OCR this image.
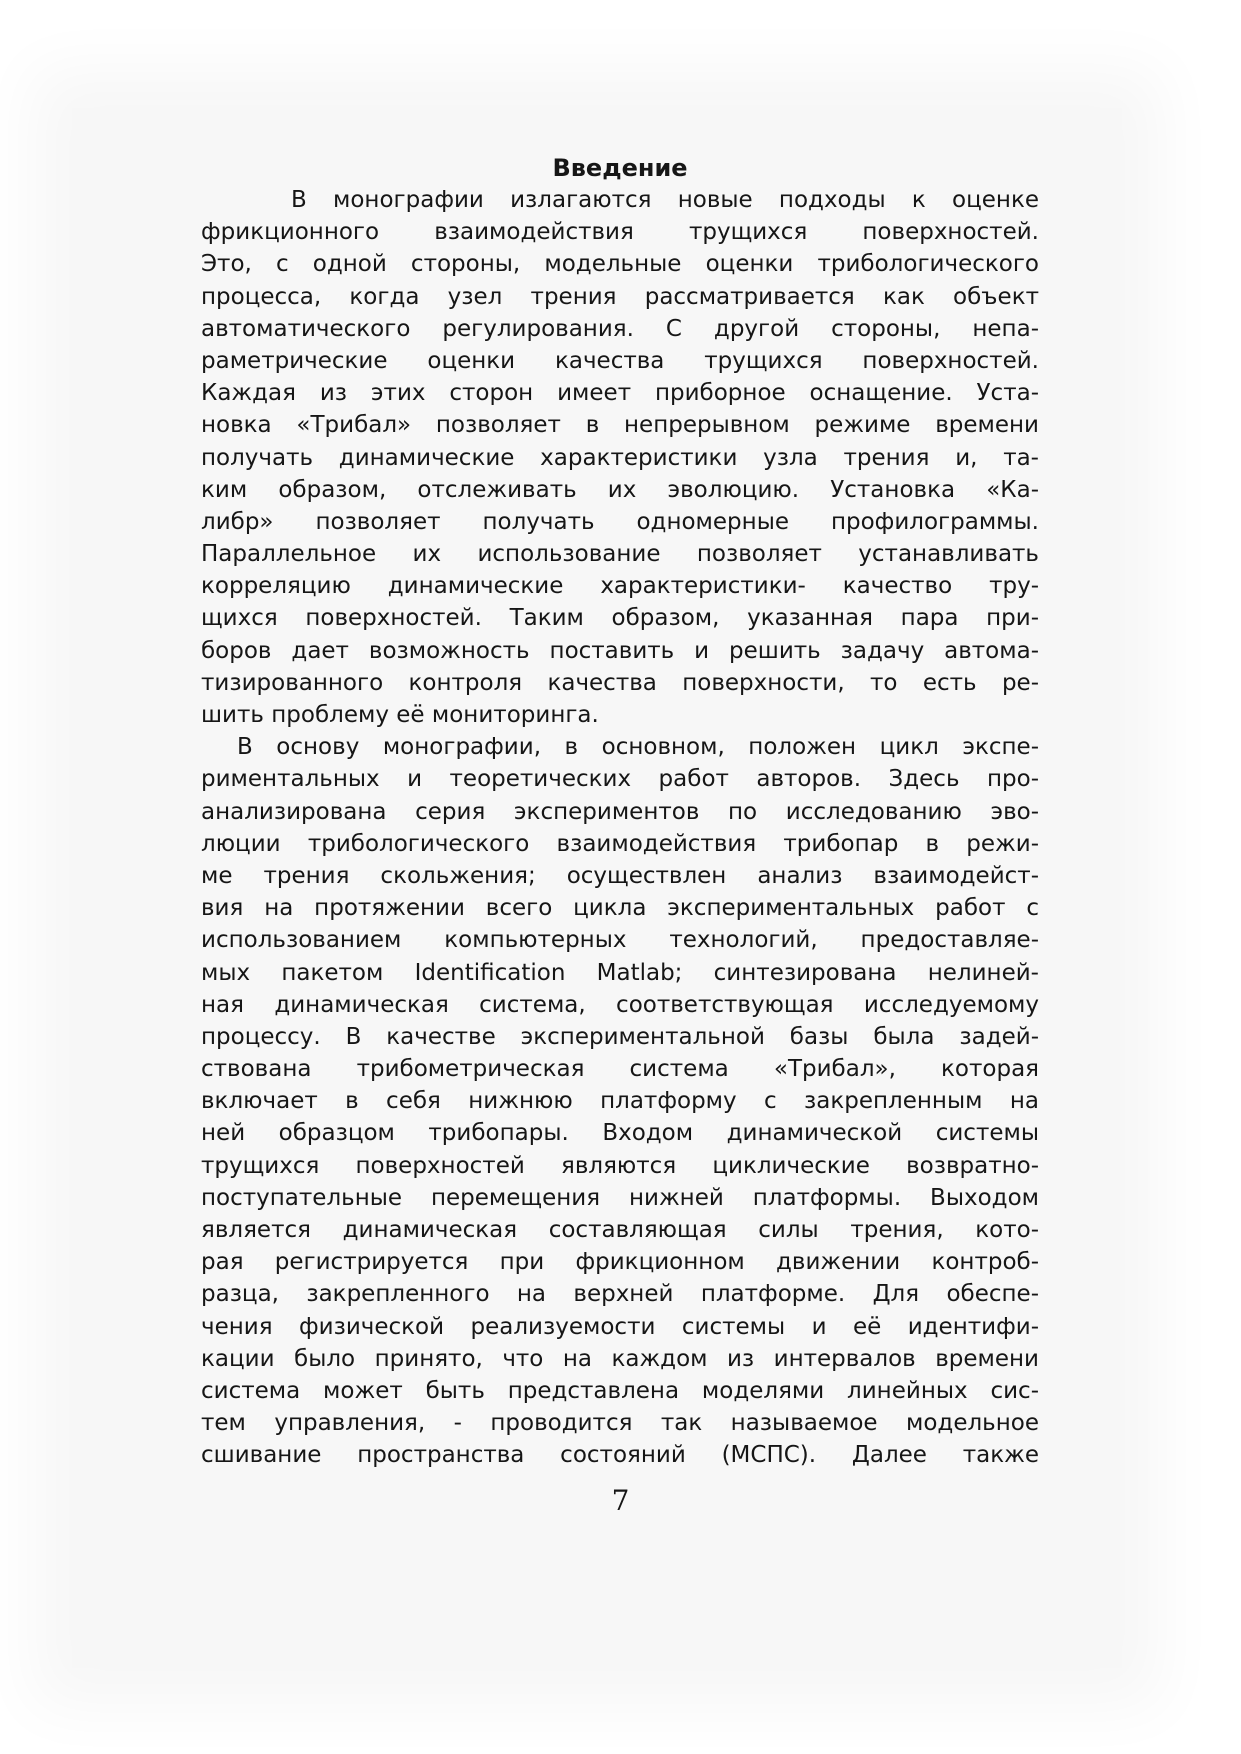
Введение
В монографии излагаются новые подходы к оценке
фрикционного взаимодействия трущихся поверхностей.
Это, с одной стороны, модельные оценки трибологического
процесса, когда узел трения рассматривается как объект
автоматического регулирования. С другой стороны, непа-
раметрические оценки качества трущихся поверхностей.
Каждая из этих сторон имеет приборное оснащение. Уста-
новка «Трибал» позволяет в непрерывном режиме времени
получать динамические характеристики узла трения и, та-
ким образом, отслеживать их эволюцию. Установка «Ка-
либр» позволяет получать одномерные профилограммы.
Параллельное их использование позволяет устанавливать
корреляцию динамические характеристики- качество тру-
щихся поверхностей. Таким образом, указанная пара при-
боров дает возможность поставить и решить задачу автома-
тизированного контроля качества поверхности, то есть ре-
шить проблему её мониторинга.
В основу монографии, в основном, положен цикл экспе-
риментальных и теоретических работ авторов. Здесь про-
анализирована серия экспериментов по исследованию эво-
люции трибологического взаимодействия трибопар в режи-
ме трения скольжения; осуществлен анализ взаимодейст-
вия на протяжении всего цикла экспериментальных работ с
использованием компьютерных технологий, предоставляе-
мых пакетом Identification Matlab; синтезирована нелиней-
ная динамическая система, соответствующая исследуемому
процессу. В качестве экспериментальной базы была задей-
ствована трибометрическая система «Трибал», которая
включает в себя нижнюю платформу с закрепленным на
ней образцом трибопары. Входом динамической системы
трущихся поверхностей являются циклические возвратно-
поступательные перемещения нижней платформы. Выходом
является динамическая составляющая силы трения, кото-
рая регистрируется при фрикционном движении контроб-
разца, закрепленного на верхней платформе. Для обеспе-
чения физической реализуемости системы и её идентифи-
кации было принято, что на каждом из интервалов времени
система может быть представлена моделями линейных сис-
тем управления, - проводится так называемое модельное
сшивание пространства состояний (МСПС). Далее также
7
